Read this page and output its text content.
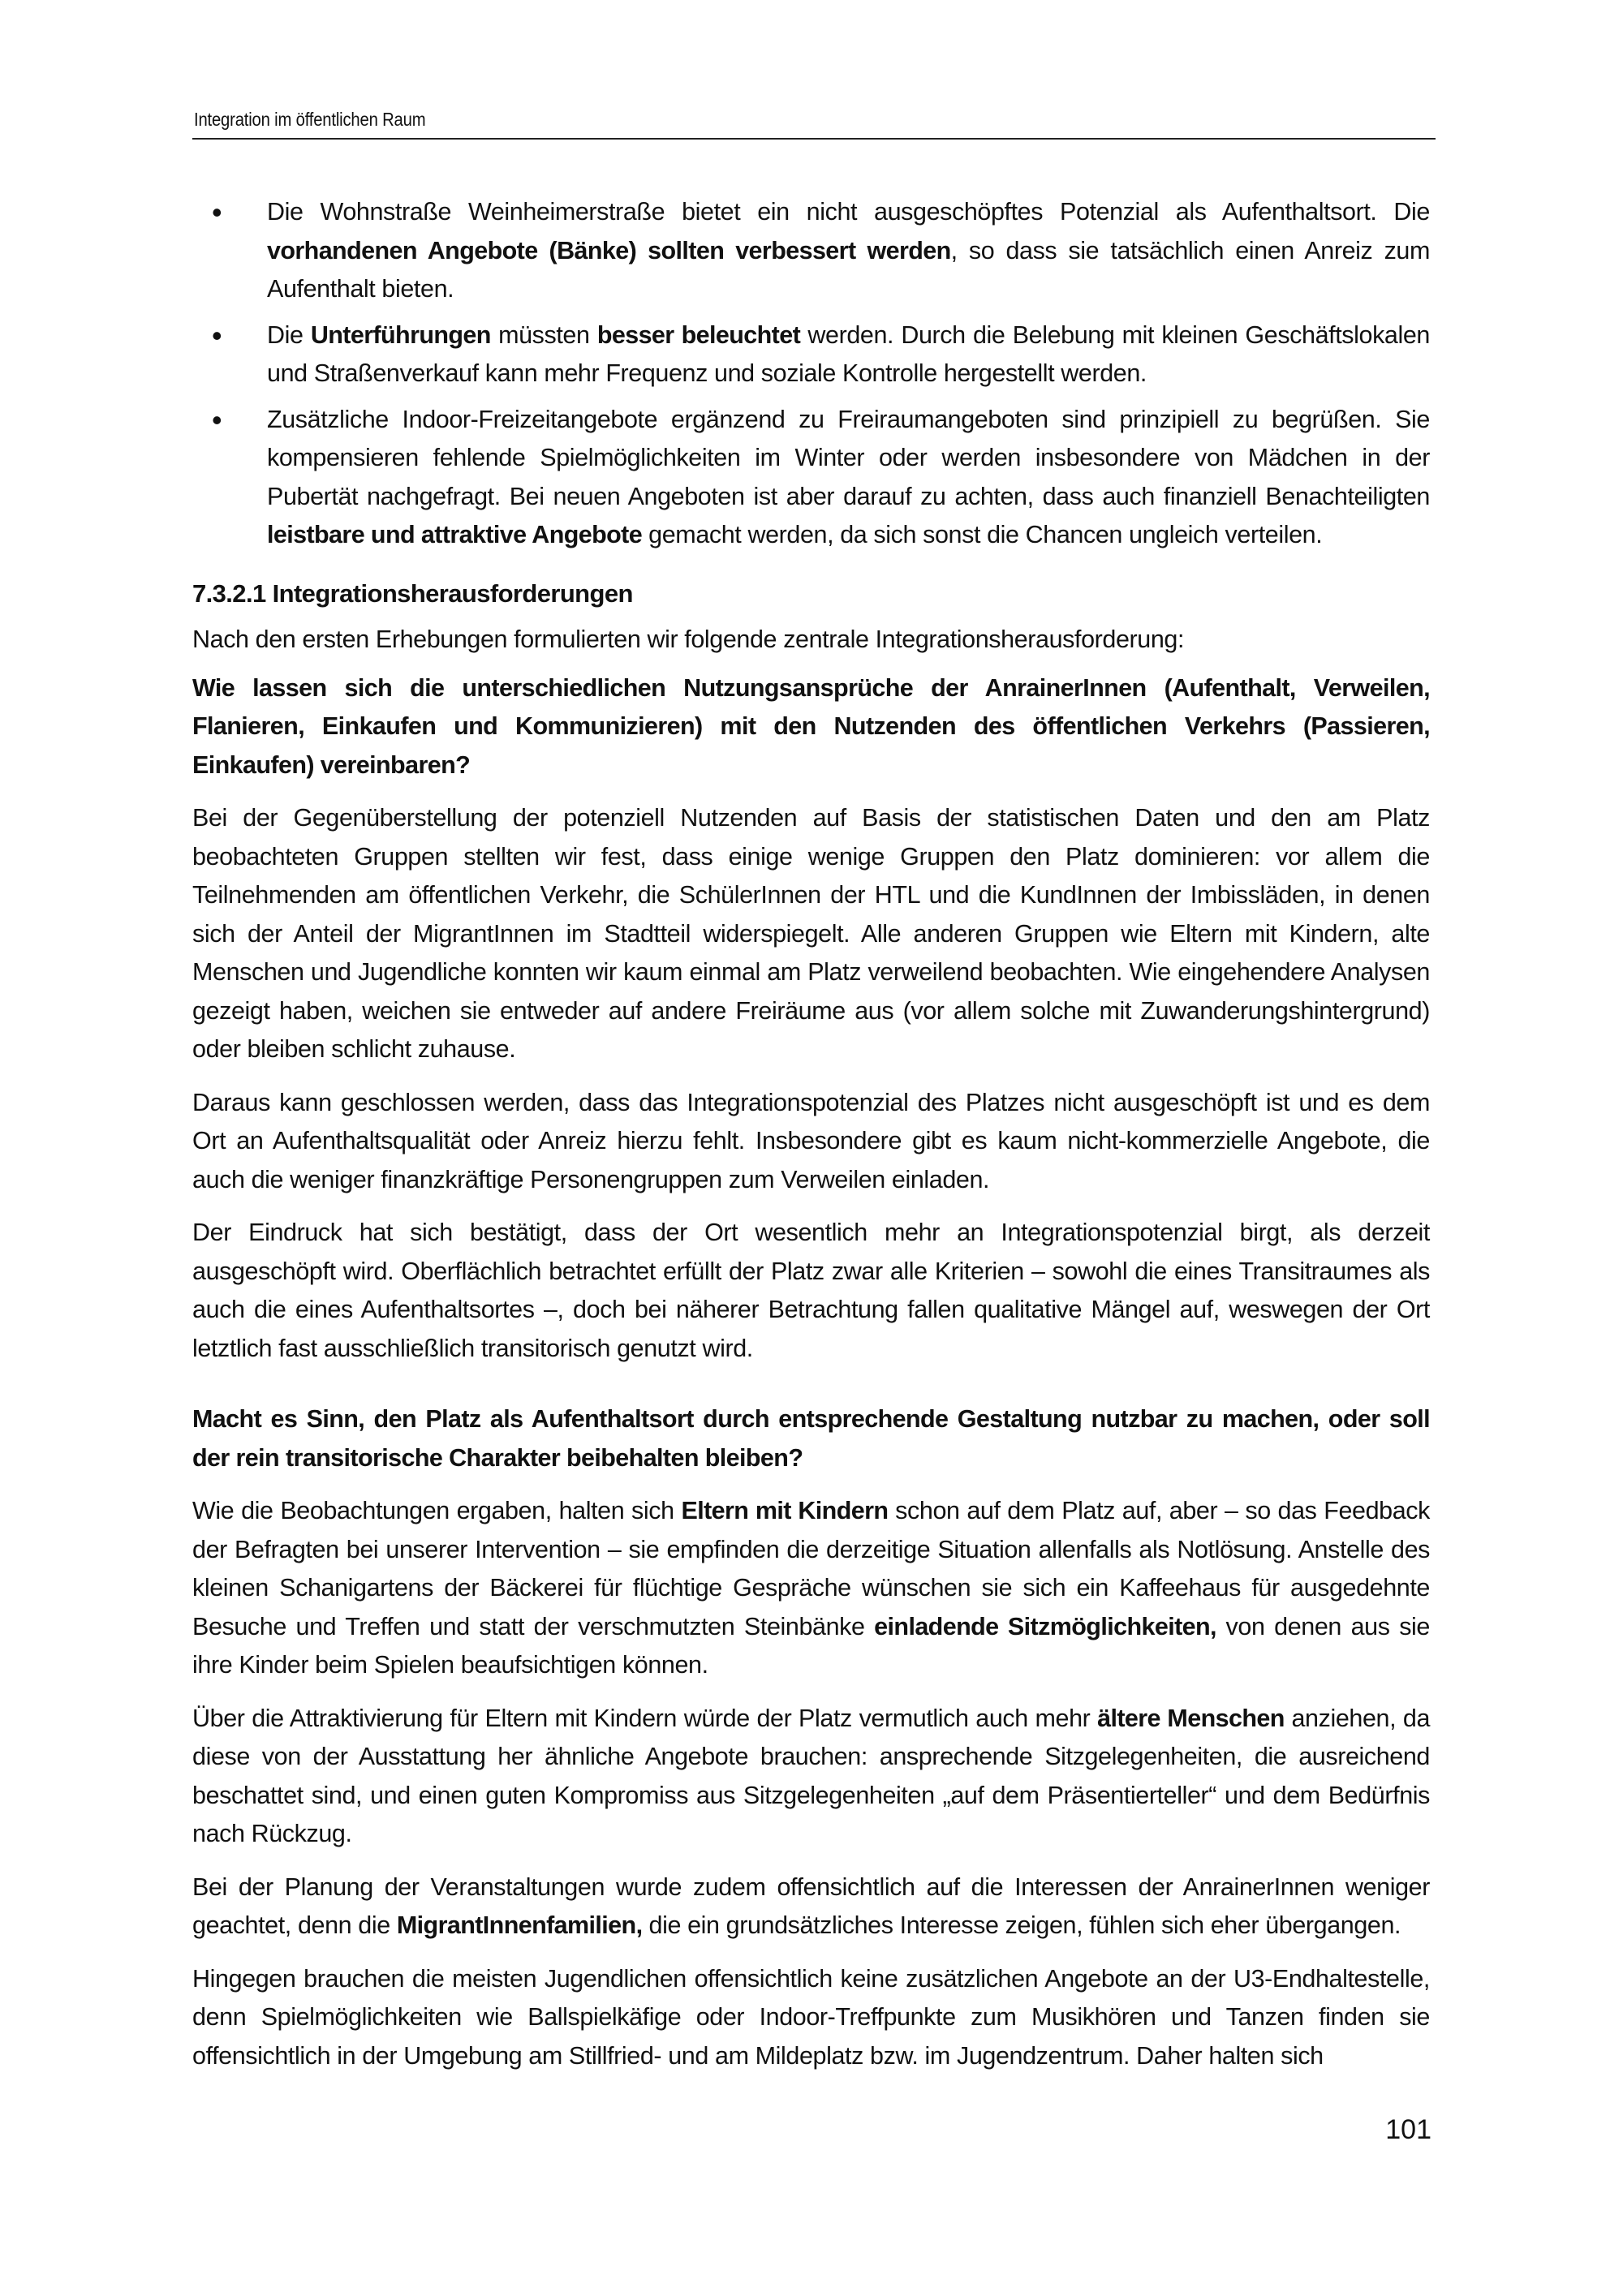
Integration im öffentlichen Raum
• Die Wohnstraße Weinheimerstraße bietet ein nicht ausgeschöpftes Potenzial als Aufenthaltsort. Die vorhandenen Angebote (Bänke) sollten verbessert werden, so dass sie tatsächlich einen Anreiz zum Aufenthalt bieten.
• Die Unterführungen müssten besser beleuchtet werden. Durch die Belebung mit kleinen Geschäftslokalen und Straßenverkauf kann mehr Frequenz und soziale Kontrolle hergestellt werden.
• Zusätzliche Indoor-Freizeitangebote ergänzend zu Freiraumangeboten sind prinzipiell zu begrüßen. Sie kompensieren fehlende Spielmöglichkeiten im Winter oder werden insbesondere von Mädchen in der Pubertät nachgefragt. Bei neuen Angeboten ist aber darauf zu achten, dass auch finanziell Benachteiligten leistbare und attraktive Angebote gemacht werden, da sich sonst die Chancen ungleich verteilen.
7.3.2.1 Integrationsherausforderungen

Nach den ersten Erhebungen formulierten wir folgende zentrale Integrationsherausforderung:

Wie lassen sich die unterschiedlichen Nutzungsansprüche der AnrainerInnen (Aufenthalt, Verweilen, Flanieren, Einkaufen und Kommunizieren) mit den Nutzenden des öffentlichen Verkehrs (Passieren, Einkaufen) vereinbaren?

Bei der Gegenüberstellung der potenziell Nutzenden auf Basis der statistischen Daten und den am Platz beobachteten Gruppen stellten wir fest, dass einige wenige Gruppen den Platz dominieren: vor allem die Teilnehmenden am öffentlichen Verkehr, die SchülerInnen der HTL und die KundInnen der Imbissläden, in denen sich der Anteil der MigrantInnen im Stadtteil widerspiegelt. Alle anderen Gruppen wie Eltern mit Kindern, alte Menschen und Jugendliche konnten wir kaum einmal am Platz verweilend beobachten. Wie eingehendere Analysen gezeigt haben, weichen sie entweder auf andere Freiräume aus (vor allem solche mit Zuwanderungshintergrund) oder bleiben schlicht zuhause.

Daraus kann geschlossen werden, dass das Integrationspotenzial des Platzes nicht ausgeschöpft ist und es dem Ort an Aufenthaltsqualität oder Anreiz hierzu fehlt. Insbesondere gibt es kaum nicht-kommerzielle Angebote, die auch die weniger finanzkräftige Personengruppen zum Verweilen einladen.

Der Eindruck hat sich bestätigt, dass der Ort wesentlich mehr an Integrationspotenzial birgt, als derzeit ausgeschöpft wird. Oberflächlich betrachtet erfüllt der Platz zwar alle Kriterien – sowohl die eines Transitraumes als auch die eines Aufenthaltsortes –, doch bei näherer Betrachtung fallen qualitative Mängel auf, weswegen der Ort letztlich fast ausschließlich transitorisch genutzt wird.

Macht es Sinn, den Platz als Aufenthaltsort durch entsprechende Gestaltung nutzbar zu machen, oder soll der rein transitorische Charakter beibehalten bleiben?

Wie die Beobachtungen ergaben, halten sich Eltern mit Kindern schon auf dem Platz auf, aber – so das Feedback der Befragten bei unserer Intervention – sie empfinden die derzeitige Situation allenfalls als Notlösung. Anstelle des kleinen Schanigartens der Bäckerei für flüchtige Gespräche wünschen sie sich ein Kaffeehaus für ausgedehnte Besuche und Treffen und statt der verschmutzten Steinbänke einladende Sitzmöglichkeiten, von denen aus sie ihre Kinder beim Spielen beaufsichtigen können.

Über die Attraktivierung für Eltern mit Kindern würde der Platz vermutlich auch mehr ältere Menschen anziehen, da diese von der Ausstattung her ähnliche Angebote brauchen: ansprechende Sitzgelegenheiten, die ausreichend beschattet sind, und einen guten Kompromiss aus Sitzgelegenheiten „auf dem Präsentierteller“ und dem Bedürfnis nach Rückzug.

Bei der Planung der Veranstaltungen wurde zudem offensichtlich auf die Interessen der AnrainerInnen weniger geachtet, denn die MigrantInnenfamilien, die ein grundsätzliches Interesse zeigen, fühlen sich eher übergangen.

Hingegen brauchen die meisten Jugendlichen offensichtlich keine zusätzlichen Angebote an der U3-Endhaltestelle, denn Spielmöglichkeiten wie Ballspielkäfige oder Indoor-Treffpunkte zum Musikhören und Tanzen finden sie offensichtlich in der Umgebung am Stillfried- und am Mildeplatz bzw. im Jugendzentrum. Daher halten sich

101
